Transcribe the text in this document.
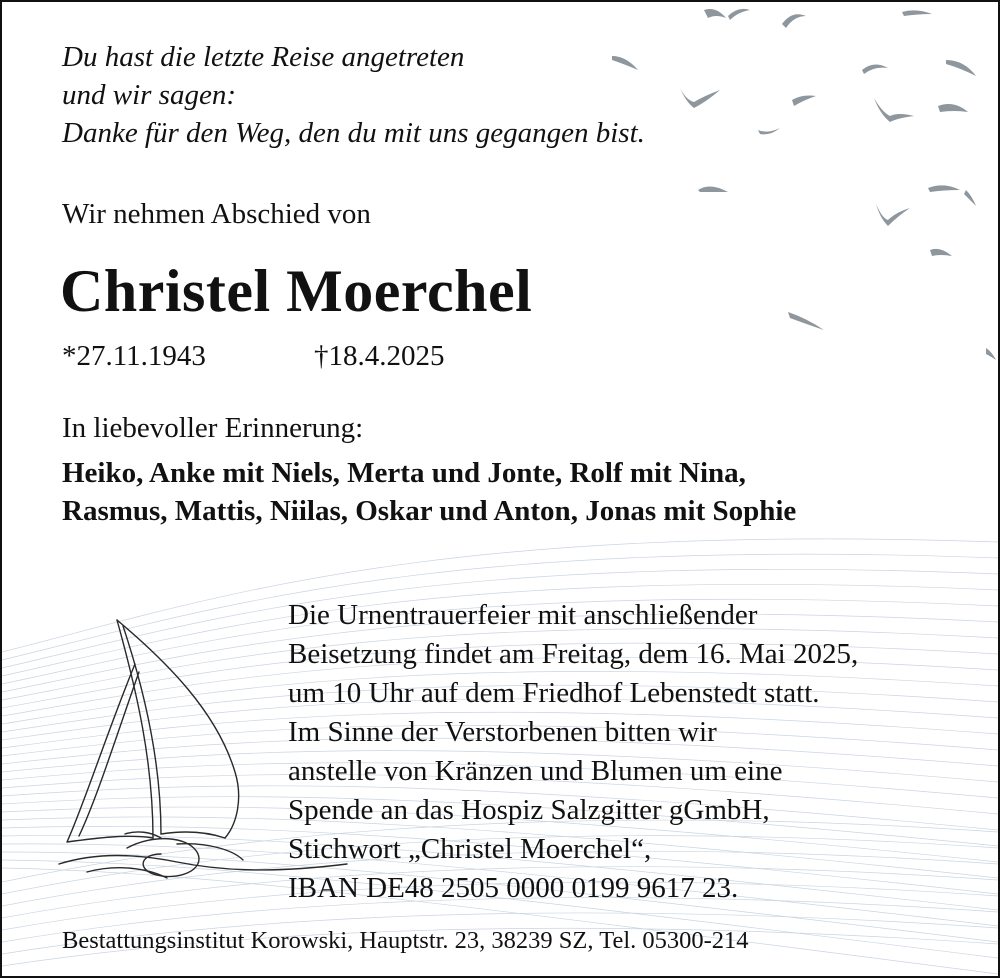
Du hast die letzte Reise angetreten
und wir sagen:
Danke für den Weg, den du mit uns gegangen bist.
Wir nehmen Abschied von
Christel Moerchel
*27.11.1943	†18.4.2025
In liebevoller Erinnerung:
Heiko, Anke mit Niels, Merta und Jonte, Rolf mit Nina,
Rasmus, Mattis, Niilas, Oskar und Anton, Jonas mit Sophie
Die Urnentrauerfeier mit anschließender
Beisetzung findet am Freitag, dem 16. Mai 2025,
um 10 Uhr auf dem Friedhof Lebenstedt statt.
Im Sinne der Verstorbenen bitten wir
anstelle von Kränzen und Blumen um eine
Spende an das Hospiz Salzgitter gGmbH,
Stichwort „Christel Moerchel“,
IBAN DE48 2505 0000 0199 9617 23.
Bestattungsinstitut Korowski, Hauptstr. 23, 38239 SZ, Tel. 05300-214
